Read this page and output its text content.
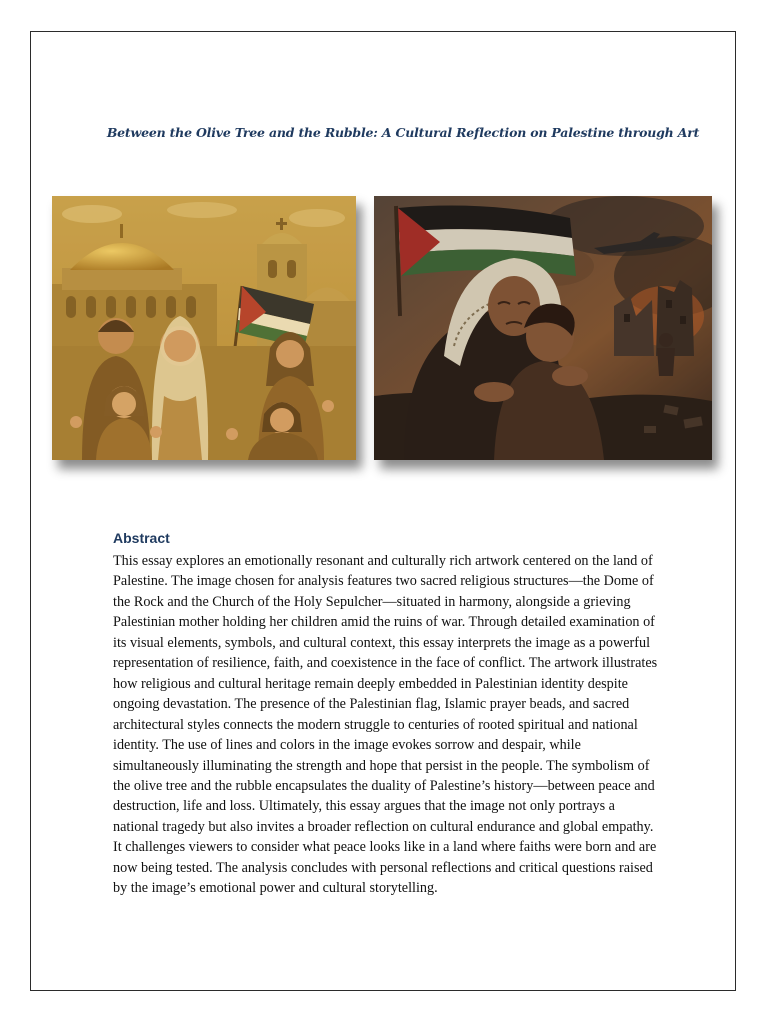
Between the Olive Tree and the Rubble: A Cultural Reflection on Palestine through Art
Abstract

This essay explores an emotionally resonant and culturally rich artwork centered on the land of Palestine. The image chosen for analysis features two sacred religious structures—the Dome of the Rock and the Church of the Holy Sepulcher—situated in harmony, alongside a grieving Palestinian mother holding her children amid the ruins of war. Through detailed examination of its visual elements, symbols, and cultural context, this essay interprets the image as a powerful representation of resilience, faith, and coexistence in the face of conflict. The artwork illustrates how religious and cultural heritage remain deeply embedded in Palestinian identity despite ongoing devastation. The presence of the Palestinian flag, Islamic prayer beads, and sacred architectural styles connects the modern struggle to centuries of rooted spiritual and national identity. The use of lines and colors in the image evokes sorrow and despair, while simultaneously illuminating the strength and hope that persist in the people. The symbolism of the olive tree and the rubble encapsulates the duality of Palestine’s history—between peace and destruction, life and loss. Ultimately, this essay argues that the image not only portrays a national tragedy but also invites a broader reflection on cultural endurance and global empathy. It challenges viewers to consider what peace looks like in a land where faiths were born and are now being tested. The analysis concludes with personal reflections and critical questions raised by the image’s emotional power and cultural storytelling.
